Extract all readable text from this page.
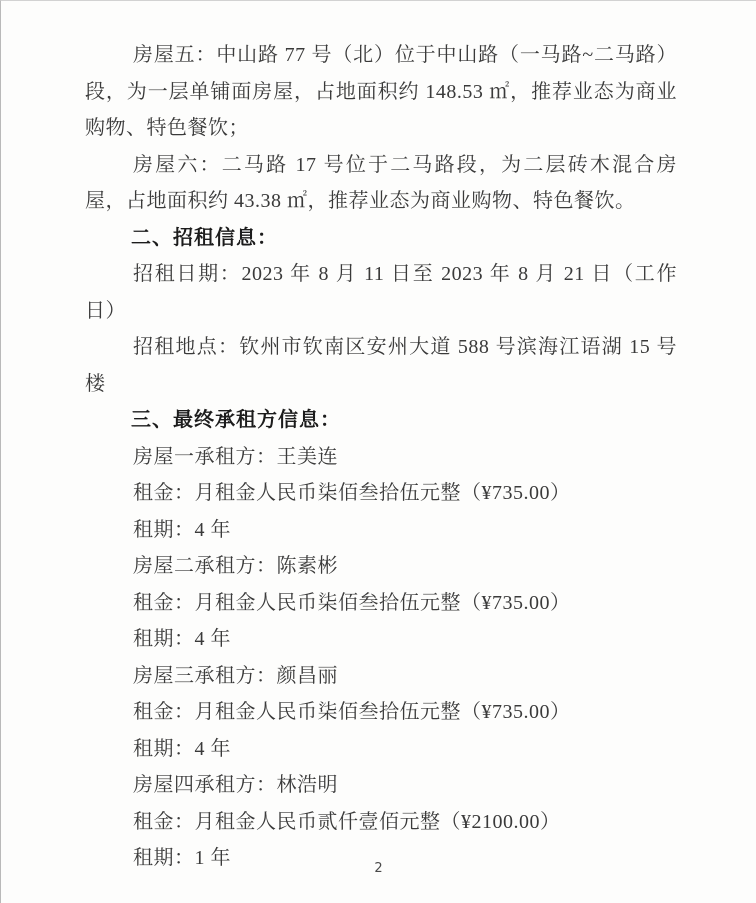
房屋五：中山路 77 号（北）位于中山路（一马路~二马路）段，为一层单铺面房屋，占地面积约 148.53 ㎡，推荐业态为商业购物、特色餐饮；
房屋六：二马路 17 号位于二马路段，为二层砖木混合房屋，占地面积约 43.38 ㎡，推荐业态为商业购物、特色餐饮。
二、招租信息：
招租日期：2023 年 8 月 11 日至 2023 年 8 月 21 日（工作日）
招租地点：钦州市钦南区安州大道 588 号滨海江语湖 15 号楼
三、最终承租方信息：
房屋一承租方：王美连
租金：月租金人民币柒佰叁拾伍元整（¥735.00）
租期：4 年
房屋二承租方：陈素彬
租金：月租金人民币柒佰叁拾伍元整（¥735.00）
租期：4 年
房屋三承租方：颜昌丽
租金：月租金人民币柒佰叁拾伍元整（¥735.00）
租期：4 年
房屋四承租方：林浩明
租金：月租金人民币贰仟壹佰元整（¥2100.00）
租期：1 年	2
